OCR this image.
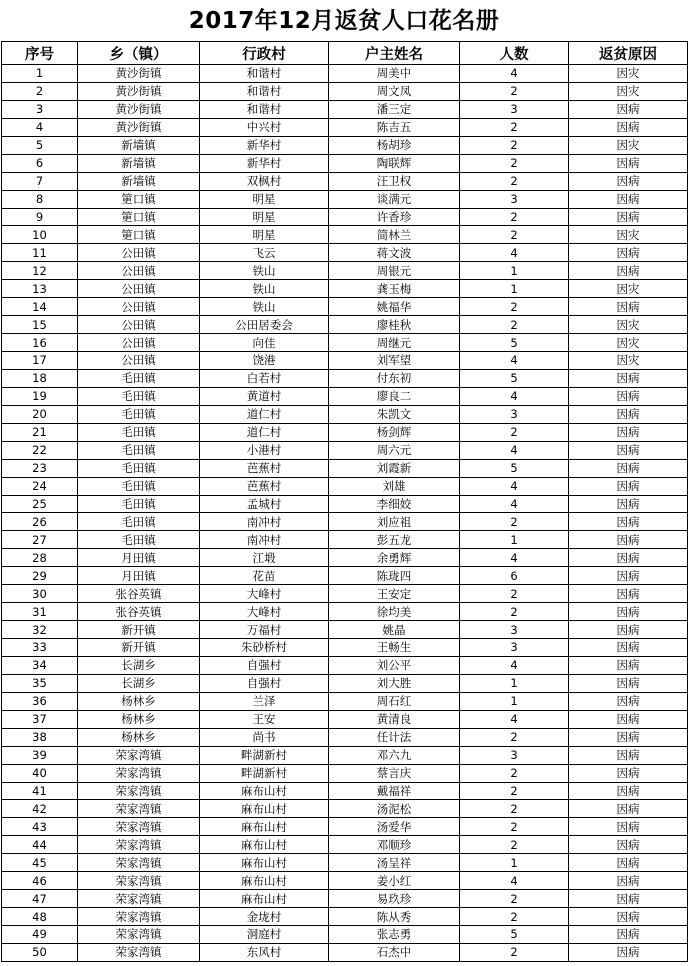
2017年12月返贫人口花名册
序号	乡（镇）	行政村	户主姓名	人数	返贫原因
1	黄沙街镇	和谐村	周美中	4	因灾
2	黄沙街镇	和谐村	周文凤	2	因灾
3	黄沙街镇	和谐村	潘三定	3	因病
4	黄沙街镇	中兴村	陈吉五	2	因病
5	新墙镇	新华村	杨胡珍	2	因灾
6	新墙镇	新华村	陶联辉	2	因病
7	新墙镇	双枫村	汪卫权	2	因病
8	筻口镇	明星	谈满元	3	因病
9	筻口镇	明星	许香珍	2	因病
10	筻口镇	明星	简林兰	2	因灾
11	公田镇	飞云	蒋文波	4	因病
12	公田镇	铁山	周银元	1	因病
13	公田镇	铁山	龚玉梅	1	因灾
14	公田镇	铁山	姚福华	2	因病
15	公田镇	公田居委会	廖桂秋	2	因灾
16	公田镇	向佳	周继元	5	因灾
17	公田镇	饶港	刘军望	4	因灾
18	毛田镇	白若村	付东初	5	因病
19	毛田镇	黄道村	廖良二	4	因病
20	毛田镇	道仁村	朱凯文	3	因病
21	毛田镇	道仁村	杨剑辉	2	因病
22	毛田镇	小港村	周六元	4	因病
23	毛田镇	芭蕉村	刘霞新	5	因病
24	毛田镇	芭蕉村	刘雄	4	因病
25	毛田镇	孟城村	李细姣	4	因病
26	毛田镇	南冲村	刘应祖	2	因病
27	毛田镇	南冲村	彭五龙	1	因病
28	月田镇	江塅	余勇辉	4	因病
29	月田镇	花苗	陈珑四	6	因病
30	张谷英镇	大峰村	王安定	2	因病
31	张谷英镇	大峰村	徐均美	2	因病
32	新开镇	万福村	姚晶	3	因病
33	新开镇	朱砂桥村	王畅生	3	因病
34	长湖乡	自强村	刘公平	4	因病
35	长湖乡	自强村	刘大胜	1	因病
36	杨林乡	兰泽	周石红	1	因病
37	杨林乡	王安	黄清良	4	因病
38	杨林乡	尚书	任计法	2	因病
39	荣家湾镇	畔湖新村	邓六九	3	因病
40	荣家湾镇	畔湖新村	蔡言庆	2	因病
41	荣家湾镇	麻布山村	戴福祥	2	因病
42	荣家湾镇	麻布山村	汤泥松	2	因病
43	荣家湾镇	麻布山村	汤爱华	2	因病
44	荣家湾镇	麻布山村	邓顺珍	2	因病
45	荣家湾镇	麻布山村	汤呈祥	1	因病
46	荣家湾镇	麻布山村	姜小红	4	因病
47	荣家湾镇	麻布山村	易玖珍	2	因病
48	荣家湾镇	金垅村	陈从秀	2	因病
49	荣家湾镇	洞庭村	张志勇	5	因病
50	荣家湾镇	东风村	石杰中	2	因病
